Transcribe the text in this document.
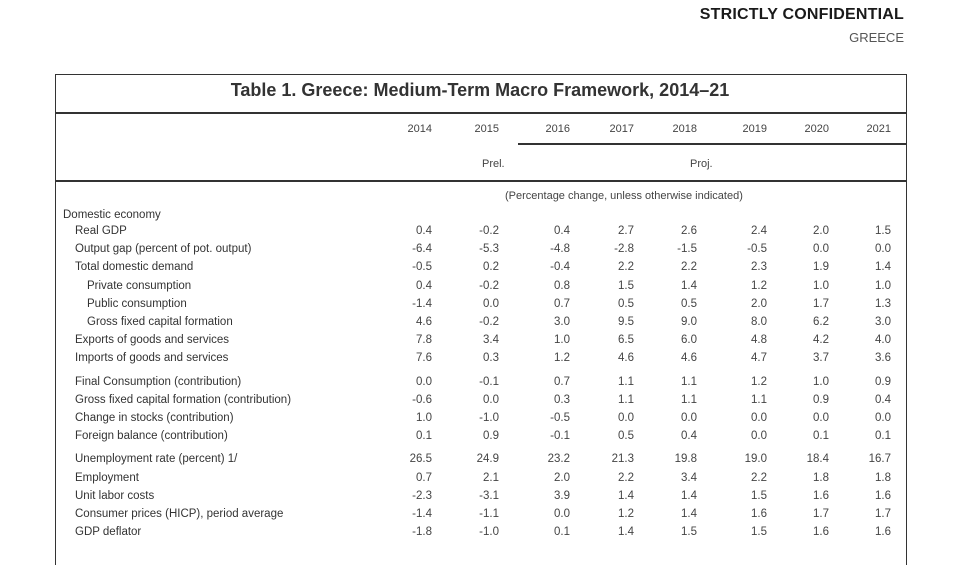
STRICTLY CONFIDENTIAL
GREECE
Table 1. Greece: Medium-Term Macro Framework, 2014–21
2014	2015	2016	2017	2018	2019	2020	2021
Prel.	Proj.
(Percentage change, unless otherwise indicated)
Domestic economy
Real GDP	0.4	-0.2	0.4	2.7	2.6	2.4	2.0	1.5
Output gap (percent of pot. output)	-6.4	-5.3	-4.8	-2.8	-1.5	-0.5	0.0	0.0
Total domestic demand	-0.5	0.2	-0.4	2.2	2.2	2.3	1.9	1.4
Private consumption	0.4	-0.2	0.8	1.5	1.4	1.2	1.0	1.0
Public consumption	-1.4	0.0	0.7	0.5	0.5	2.0	1.7	1.3
Gross fixed capital formation	4.6	-0.2	3.0	9.5	9.0	8.0	6.2	3.0
Exports of goods and services	7.8	3.4	1.0	6.5	6.0	4.8	4.2	4.0
Imports of goods and services	7.6	0.3	1.2	4.6	4.6	4.7	3.7	3.6
Final Consumption (contribution)	0.0	-0.1	0.7	1.1	1.1	1.2	1.0	0.9
Gross fixed capital formation (contribution)	-0.6	0.0	0.3	1.1	1.1	1.1	0.9	0.4
Change in stocks (contribution)	1.0	-1.0	-0.5	0.0	0.0	0.0	0.0	0.0
Foreign balance (contribution)	0.1	0.9	-0.1	0.5	0.4	0.0	0.1	0.1
Unemployment rate (percent) 1/	26.5	24.9	23.2	21.3	19.8	19.0	18.4	16.7
Employment	0.7	2.1	2.0	2.2	3.4	2.2	1.8	1.8
Unit labor costs	-2.3	-3.1	3.9	1.4	1.4	1.5	1.6	1.6
Consumer prices (HICP), period average	-1.4	-1.1	0.0	1.2	1.4	1.6	1.7	1.7
GDP deflator	-1.8	-1.0	0.1	1.4	1.5	1.5	1.6	1.6
